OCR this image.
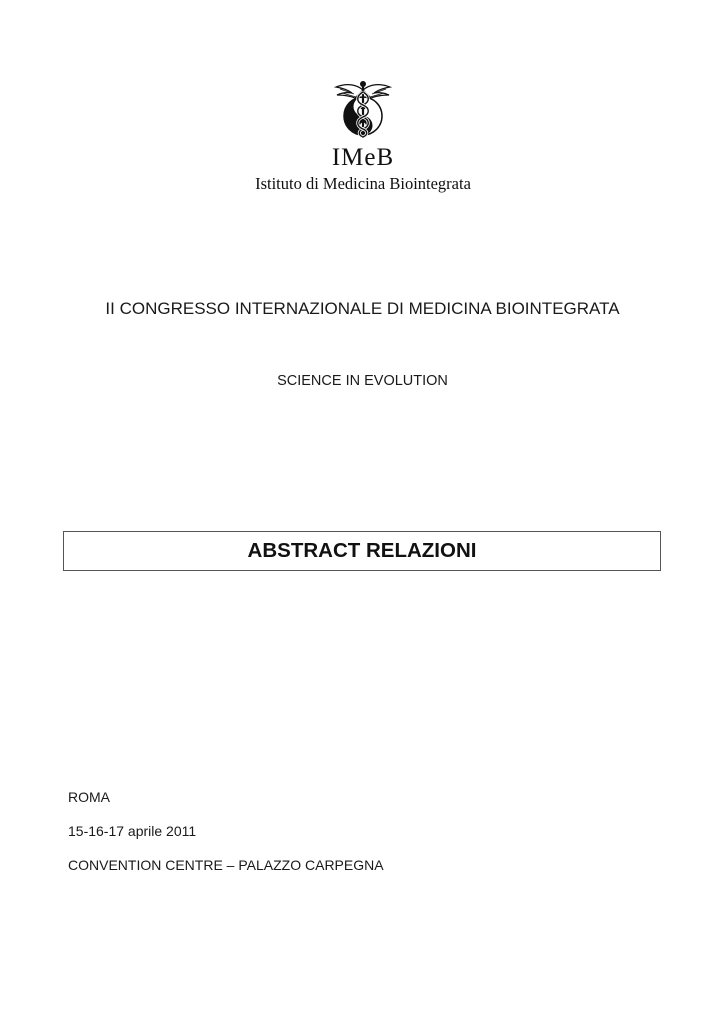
IMeB
Istituto di Medicina Biointegrata
II CONGRESSO INTERNAZIONALE DI MEDICINA BIOINTEGRATA
SCIENCE IN EVOLUTION
ABSTRACT RELAZIONI
ROMA
15-16-17 aprile 2011
CONVENTION CENTRE – PALAZZO CARPEGNA
